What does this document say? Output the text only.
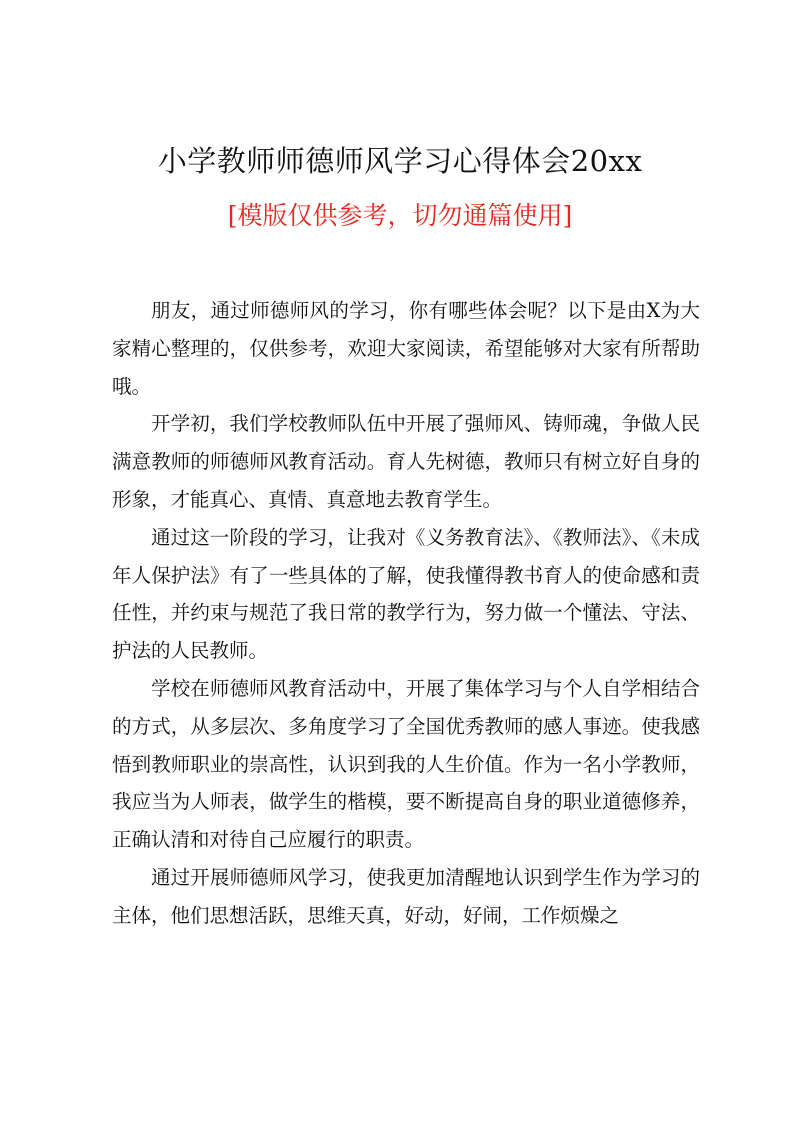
小学教师师德师风学习心得体会20xx
[模版仅供参考，切勿通篇使用]

朋友，通过师德师风的学习，你有哪些体会呢？以下是由X为大家精心整理的，仅供参考，欢迎大家阅读，希望能够对大家有所帮助哦。

开学初，我们学校教师队伍中开展了强师风、铸师魂，争做人民满意教师的师德师风教育活动。育人先树德，教师只有树立好自身的形象，才能真心、真情、真意地去教育学生。

通过这一阶段的学习，让我对《义务教育法》、《教师法》、《未成年人保护法》有了一些具体的了解，使我懂得教书育人的使命感和责任性，并约束与规范了我日常的教学行为，努力做一个懂法、守法、护法的人民教师。

学校在师德师风教育活动中，开展了集体学习与个人自学相结合的方式，从多层次、多角度学习了全国优秀教师的感人事迹。使我感悟到教师职业的崇高性，认识到我的人生价值。作为一名小学教师，我应当为人师表，做学生的楷模，要不断提高自身的职业道德修养，正确认清和对待自己应履行的职责。

通过开展师德师风学习，使我更加清醒地认识到学生作为学习的主体，他们思想活跃，思维天真，好动，好闹，工作烦燥之
